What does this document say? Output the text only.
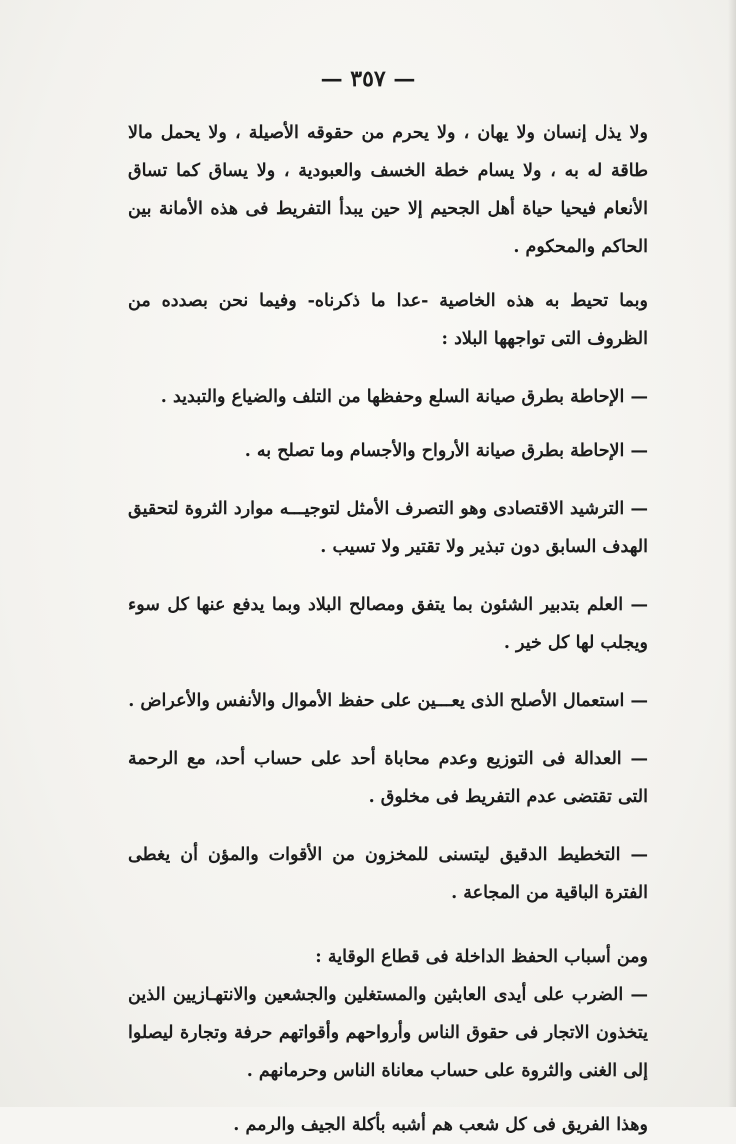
— ٣٥٧ —

ولا يذل إنسان ولا يهان ، ولا يحرم من حقوقه الأصيلة ، ولا يحمل مالا طاقة له به ، ولا يسام خطة الخسف والعبودية ، ولا يساق كما تساق الأنعام فيحيا حياة أهل الجحيم إلا حين يبدأ التفريط فى هذه الأمانة بين الحاكم والمحكوم .

وبما تحيط به هذه الخاصية -عدا ما ذكرناه- وفيما نحن بصدده من الظروف التى تواجهها البلاد :

— الإحاطة بطرق صيانة السلع وحفظها من التلف والضياع والتبديد .

— الإحاطة بطرق صيانة الأرواح والأجسام وما تصلح به .

— الترشيد الاقتصادى وهو التصرف الأمثل لتوجيـــه موارد الثروة لتحقيق الهدف السابق دون تبذير ولا تقتير ولا تسيب .

— العلم بتدبير الشئون بما يتفق ومصالح البلاد وبما يدفع عنها كل سوء ويجلب لها كل خير .

— استعمال الأصلح الذى يعـــين على حفظ الأموال والأنفس والأعراض .

— العدالة فى التوزيع وعدم محاباة أحد على حساب أحد، مع الرحمة التى تقتضى عدم التفريط فى مخلوق .

— التخطيط الدقيق ليتسنى للمخزون من الأقوات والمؤن أن يغطى الفترة الباقية من المجاعة .

ومن أسباب الحفظ الداخلة فى قطاع الوقاية :

— الضرب على أيدى العابثين والمستغلين والجشعين والانتهـازيين الذين يتخذون الاتجار فى حقوق الناس وأرواحهم وأقواتهم حرفة وتجارة ليصلوا إلى الغنى والثروة على حساب معاناة الناس وحرمانهم .

وهذا الفريق فى كل شعب هم أشبه بأكلة الجيف والرمم .
